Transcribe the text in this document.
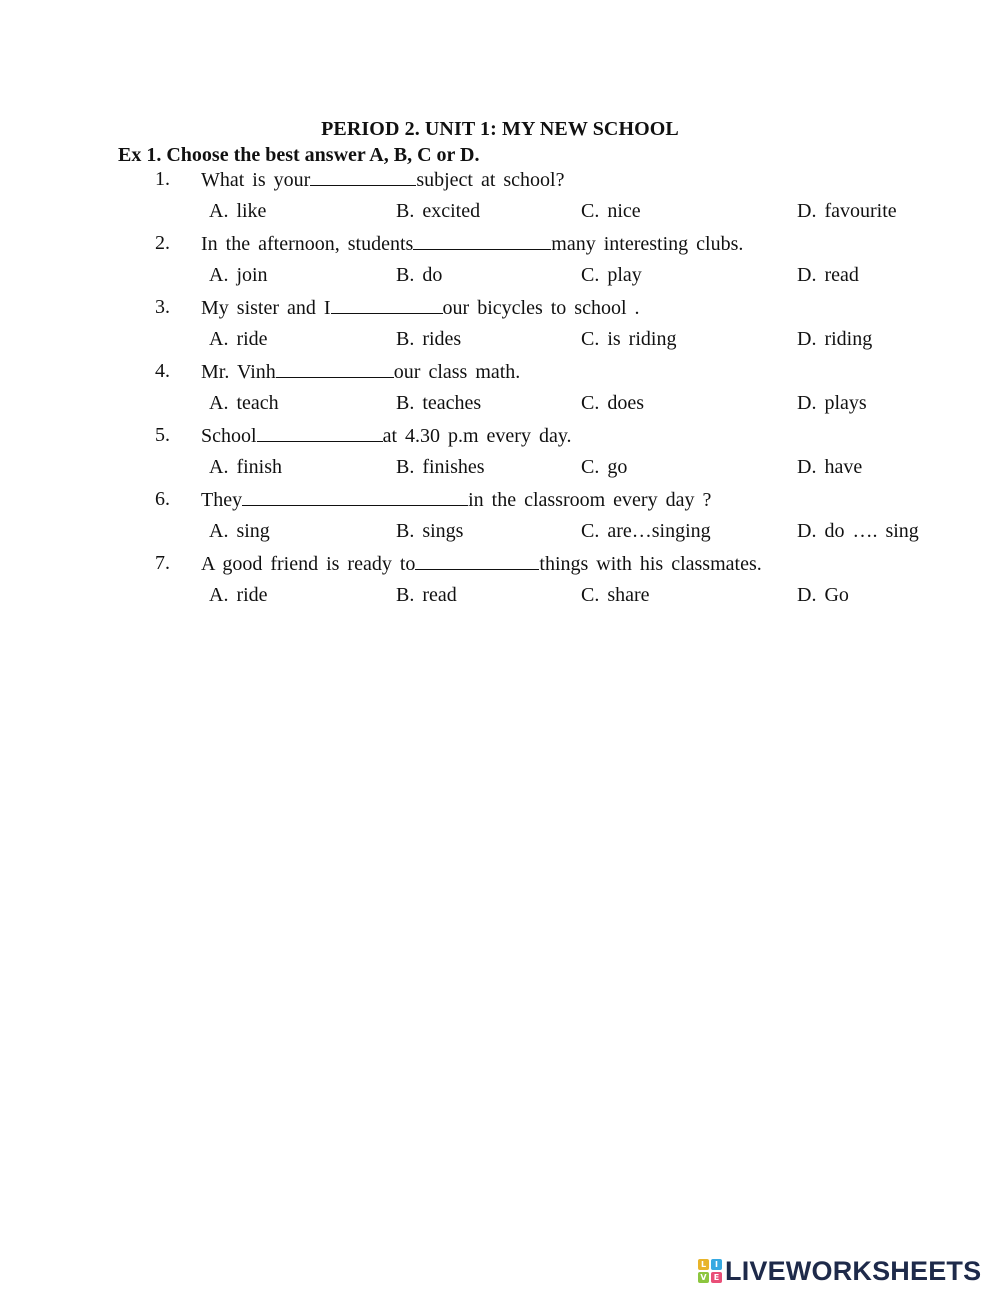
PERIOD 2. UNIT 1: MY NEW SCHOOL
Ex 1. Choose the best answer A, B, C or D.
1. What is your	subject at school?
A. like	B. excited	C. nice	D. favourite
2. In the afternoon, students	many interesting clubs.
A. join	B. do	C. play	D. read
3. My sister and I	our bicycles to school .
A. ride	B. rides	C. is riding	D. riding
4. Mr. Vinh	our class math.
A. teach	B. teaches	C. does	D. plays
5. School	at 4.30 p.m every day.
A. finish	B. finishes	C. go	D. have
6. They	in the classroom every day ?
A. sing	B. sings	C. are…singing	D. do …. sing
7. A good friend is ready to	things with his classmates.
A. ride	B. read	C. share	D. Go
L	I
V E LIVEWORKSHEETS
